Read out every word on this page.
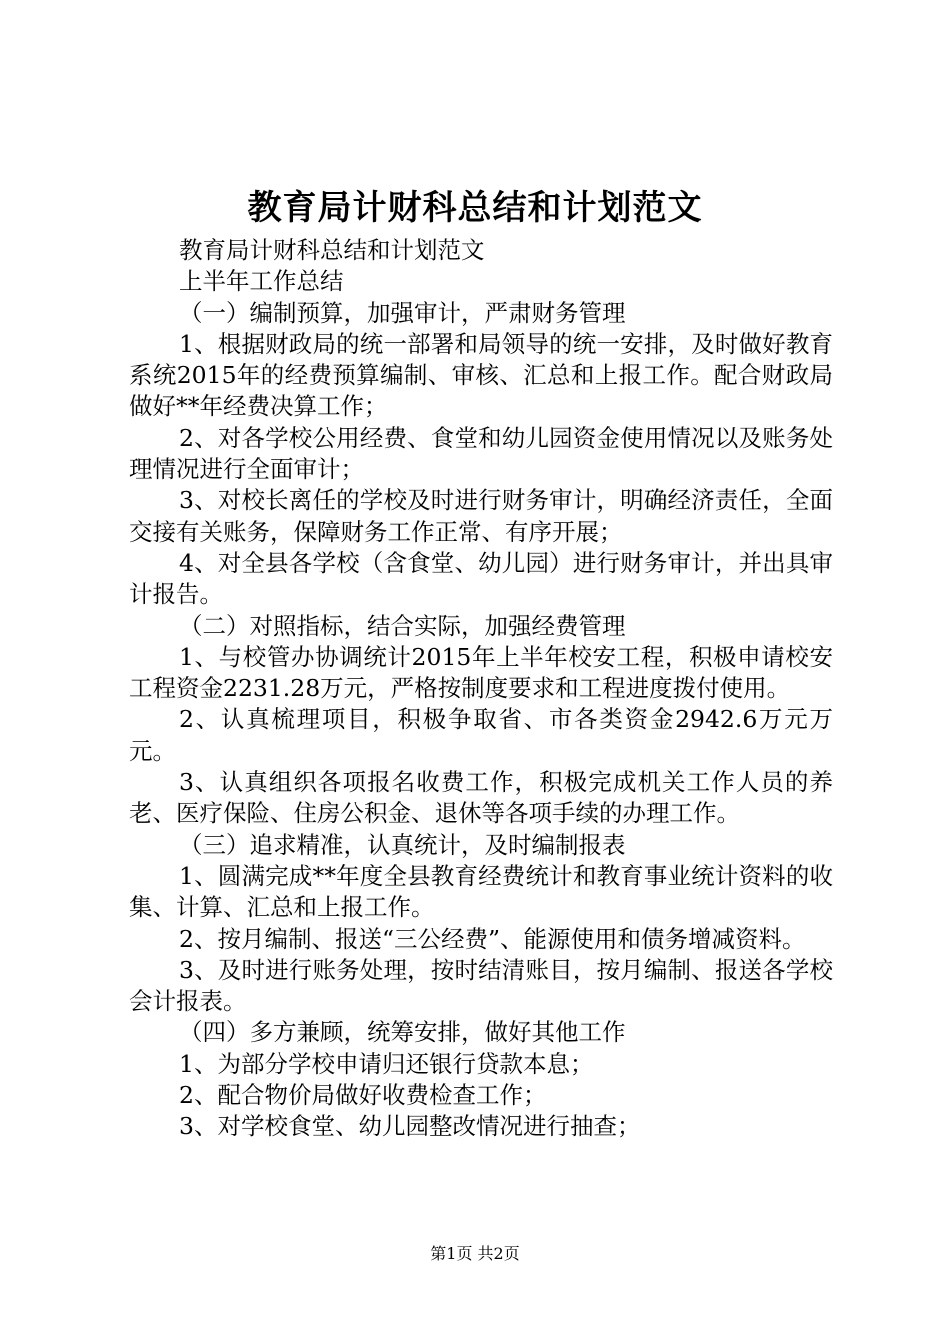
教育局计财科总结和计划范文

教育局计财科总结和计划范文

上半年工作总结

（一）编制预算，加强审计，严肃财务管理

1、根据财政局的统一部署和局领导的统一安排，及时做好教育系统2015年的经费预算编制、审核、汇总和上报工作。配合财政局做好**年经费决算工作；

2、对各学校公用经费、食堂和幼儿园资金使用情况以及账务处理情况进行全面审计；

3、对校长离任的学校及时进行财务审计，明确经济责任，全面交接有关账务，保障财务工作正常、有序开展；

4、对全县各学校（含食堂、幼儿园）进行财务审计，并出具审计报告。

（二）对照指标，结合实际，加强经费管理

1、与校管办协调统计2015年上半年校安工程，积极申请校安工程资金2231.28万元，严格按制度要求和工程进度拨付使用。

2、认真梳理项目，积极争取省、市各类资金2942.6万元万元。

3、认真组织各项报名收费工作，积极完成机关工作人员的养老、医疗保险、住房公积金、退休等各项手续的办理工作。

（三）追求精准，认真统计，及时编制报表

1、圆满完成**年度全县教育经费统计和教育事业统计资料的收集、计算、汇总和上报工作。

2、按月编制、报送“三公经费”、能源使用和债务增减资料。

3、及时进行账务处理，按时结清账目，按月编制、报送各学校会计报表。

（四）多方兼顾，统筹安排，做好其他工作

1、为部分学校申请归还银行贷款本息；

2、配合物价局做好收费检查工作；

3、对学校食堂、幼儿园整改情况进行抽查；

第1页 共2页
